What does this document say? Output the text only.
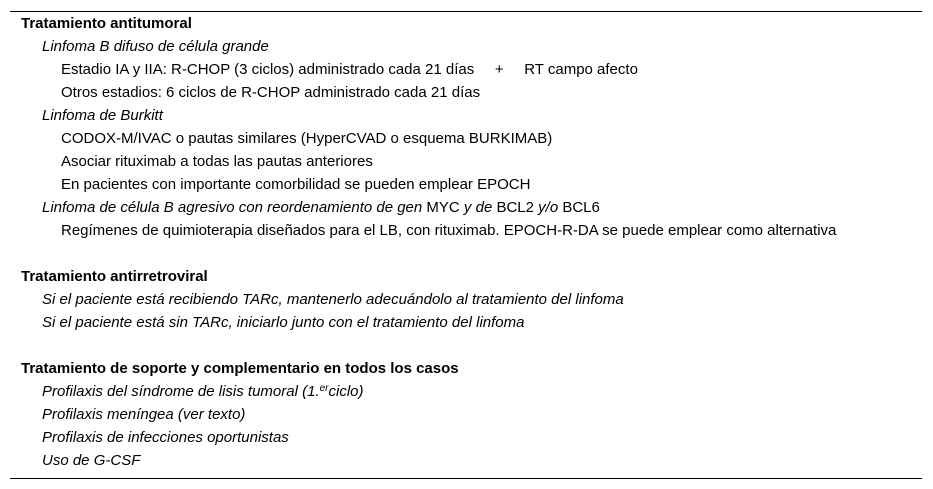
Tratamiento antitumoral
Linfoma B difuso de célula grande
Estadio IA y IIA: R-CHOP (3 ciclos) administrado cada 21 días + RT campo afecto
Otros estadios: 6 ciclos de R-CHOP administrado cada 21 días
Linfoma de Burkitt
CODOX-M/IVAC o pautas similares (HyperCVAD o esquema BURKIMAB)
Asociar rituximab a todas las pautas anteriores
En pacientes con importante comorbilidad se pueden emplear EPOCH
Linfoma de célula B agresivo con reordenamiento de gen MYC y de BCL2 y/o BCL6
Regímenes de quimioterapia diseñados para el LB, con rituximab. EPOCH-R-DA se puede emplear como alternativa
Tratamiento antirretroviral
Si el paciente está recibiendo TARc, mantenerlo adecuándolo al tratamiento del linfoma
Si el paciente está sin TARc, iniciarlo junto con el tratamiento del linfoma
Tratamiento de soporte y complementario en todos los casos
Profilaxis del síndrome de lisis tumoral (1.$^{er}$ciclo)
Profilaxis meníngea (ver texto)
Profilaxis de infecciones oportunistas
Uso de G-CSF
